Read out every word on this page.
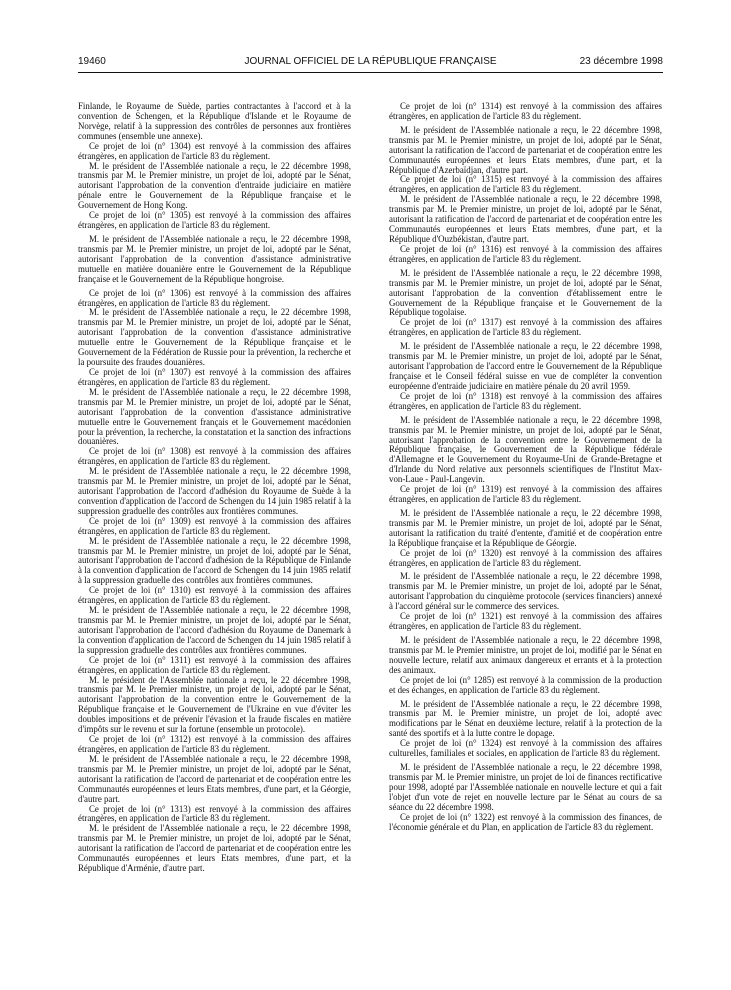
19460	JOURNAL OFFICIEL DE LA RÉPUBLIQUE FRANÇAISE	23 décembre 1998

Finlande, le Royaume de Suède, parties contractantes à l'accord et à la convention de Schengen, et la République d'Islande et le Royaume de Norvège, relatif à la suppression des contrôles de personnes aux frontières communes (ensemble une annexe).

Ce projet de loi (n° 1304) est renvoyé à la commission des affaires étrangères, en application de l'article 83 du règlement.

M. le président de l'Assemblée nationale a reçu, le 22 décembre 1998, transmis par M. le Premier ministre, un projet de loi, adopté par le Sénat, autorisant l'approbation de la convention d'entraide judiciaire en matière pénale entre le Gouvernement de la République française et le Gouvernement de Hong Kong.

Ce projet de loi (n° 1305) est renvoyé à la commission des affaires étrangères, en application de l'article 83 du règlement.

M. le président de l'Assemblée nationale a reçu, le 22 décembre 1998, transmis par M. le Premier ministre, un projet de loi, adopté par le Sénat, autorisant l'approbation de la convention d'assistance administrative mutuelle en matière douanière entre le Gouvernement de la République française et le Gouvernement de la République hongroise.

Ce projet de loi (n° 1306) est renvoyé à la commission des affaires étrangères, en application de l'article 83 du règlement.

M. le président de l'Assemblée nationale a reçu, le 22 décembre 1998, transmis par M. le Premier ministre, un projet de loi, adopté par le Sénat, autorisant l'approbation de la convention d'assistance administrative mutuelle entre le Gouvernement de la République française et le Gouvernement de la Fédération de Russie pour la prévention, la recherche et la poursuite des fraudes douanières.

Ce projet de loi (n° 1307) est renvoyé à la commission des affaires étrangères, en application de l'article 83 du règlement.

M. le président de l'Assemblée nationale a reçu, le 22 décembre 1998, transmis par M. le Premier ministre, un projet de loi, adopté par le Sénat, autorisant l'approbation de la convention d'assistance administrative mutuelle entre le Gouvernement français et le Gouvernement macédonien pour la prévention, la recherche, la constatation et la sanction des infractions douanières.

Ce projet de loi (n° 1308) est renvoyé à la commission des affaires étrangères, en application de l'article 83 du règlement.

M. le président de l'Assemblée nationale a reçu, le 22 décembre 1998, transmis par M. le Premier ministre, un projet de loi, adopté par le Sénat, autorisant l'approbation de l'accord d'adhésion du Royaume de Suède à la convention d'application de l'accord de Schengen du 14 juin 1985 relatif à la suppression graduelle des contrôles aux frontières communes.

Ce projet de loi (n° 1309) est renvoyé à la commission des affaires étrangères, en application de l'article 83 du règlement.

M. le président de l'Assemblée nationale a reçu, le 22 décembre 1998, transmis par M. le Premier ministre, un projet de loi, adopté par le Sénat, autorisant l'approbation de l'accord d'adhésion de la République de Finlande à la convention d'application de l'accord de Schengen du 14 juin 1985 relatif à la suppression graduelle des contrôles aux frontières communes.

Ce projet de loi (n° 1310) est renvoyé à la commission des affaires étrangères, en application de l'article 83 du règlement.

M. le président de l'Assemblée nationale a reçu, le 22 décembre 1998, transmis par M. le Premier ministre, un projet de loi, adopté par le Sénat, autorisant l'approbation de l'accord d'adhésion du Royaume de Danemark à la convention d'application de l'accord de Schengen du 14 juin 1985 relatif à la suppression graduelle des contrôles aux frontières communes.

Ce projet de loi (n° 1311) est renvoyé à la commission des affaires étrangères, en application de l'article 83 du règlement.

M. le président de l'Assemblée nationale a reçu, le 22 décembre 1998, transmis par M. le Premier ministre, un projet de loi, adopté par le Sénat, autorisant l'approbation de la convention entre le Gouvernement de la République française et le Gouvernement de l'Ukraine en vue d'éviter les doubles impositions et de prévenir l'évasion et la fraude fiscales en matière d'impôts sur le revenu et sur la fortune (ensemble un protocole).

Ce projet de loi (n° 1312) est renvoyé à la commission des affaires étrangères, en application de l'article 83 du règlement.

M. le président de l'Assemblée nationale a reçu, le 22 décembre 1998, transmis par M. le Premier ministre, un projet de loi, adopté par le Sénat, autorisant la ratification de l'accord de partenariat et de coopération entre les Communautés européennes et leurs Etats membres, d'une part, et la Géorgie, d'autre part.

Ce projet de loi (n° 1313) est renvoyé à la commission des affaires étrangères, en application de l'article 83 du règlement.

M. le président de l'Assemblée nationale a reçu, le 22 décembre 1998, transmis par M. le Premier ministre, un projet de loi, adopté par le Sénat, autorisant la ratification de l'accord de partenariat et de coopération entre les Communautés européennes et leurs Etats membres, d'une part, et la République d'Arménie, d'autre part.

Ce projet de loi (n° 1314) est renvoyé à la commission des affaires étrangères, en application de l'article 83 du règlement.

M. le président de l'Assemblée nationale a reçu, le 22 décembre 1998, transmis par M. le Premier ministre, un projet de loi, adopté par le Sénat, autorisant la ratification de l'accord de partenariat et de coopération entre les Communautés européennes et leurs Etats membres, d'une part, et la République d'Azerbaïdjan, d'autre part.

Ce projet de loi (n° 1315) est renvoyé à la commission des affaires étrangères, en application de l'article 83 du règlement.

M. le président de l'Assemblée nationale a reçu, le 22 décembre 1998, transmis par M. le Premier ministre, un projet de loi, adopté par le Sénat, autorisant la ratification de l'accord de partenariat et de coopération entre les Communautés européennes et leurs Etats membres, d'une part, et la République d'Ouzbékistan, d'autre part.

Ce projet de loi (n° 1316) est renvoyé à la commission des affaires étrangères, en application de l'article 83 du règlement.

M. le président de l'Assemblée nationale a reçu, le 22 décembre 1998, transmis par M. le Premier ministre, un projet de loi, adopté par le Sénat, autorisant l'approbation de la convention d'établissement entre le Gouvernement de la République française et le Gouvernement de la République togolaise.

Ce projet de loi (n° 1317) est renvoyé à la commission des affaires étrangères, en application de l'article 83 du règlement.

M. le président de l'Assemblée nationale a reçu, le 22 décembre 1998, transmis par M. le Premier ministre, un projet de loi, adopté par le Sénat, autorisant l'approbation de l'accord entre le Gouvernement de la République française et le Conseil fédéral suisse en vue de compléter la convention européenne d'entraide judiciaire en matière pénale du 20 avril 1959.

Ce projet de loi (n° 1318) est renvoyé à la commission des affaires étrangères, en application de l'article 83 du règlement.

M. le président de l'Assemblée nationale a reçu, le 22 décembre 1998, transmis par M. le Premier ministre, un projet de loi, adopté par le Sénat, autorisant l'approbation de la convention entre le Gouvernement de la République française, le Gouvernement de la République fédérale d'Allemagne et le Gouvernement du Royaume-Uni de Grande-Bretagne et d'Irlande du Nord relative aux personnels scientifiques de l'Institut Max-von-Laue - Paul-Langevin.

Ce projet de loi (n° 1319) est renvoyé à la commission des affaires étrangères, en application de l'article 83 du règlement.

M. le président de l'Assemblée nationale a reçu, le 22 décembre 1998, transmis par M. le Premier ministre, un projet de loi, adopté par le Sénat, autorisant la ratification du traité d'entente, d'amitié et de coopération entre la République française et la République de Géorgie.

Ce projet de loi (n° 1320) est renvoyé à la commission des affaires étrangères, en application de l'article 83 du règlement.

M. le président de l'Assemblée nationale a reçu, le 22 décembre 1998, transmis par M. le Premier ministre, un projet de loi, adopté par le Sénat, autorisant l'approbation du cinquième protocole (services financiers) annexé à l'accord général sur le commerce des services.

Ce projet de loi (n° 1321) est renvoyé à la commission des affaires étrangères, en application de l'article 83 du règlement.

M. le président de l'Assemblée nationale a reçu, le 22 décembre 1998, transmis par M. le Premier ministre, un projet de loi, modifié par le Sénat en nouvelle lecture, relatif aux animaux dangereux et errants et à la protection des animaux.

Ce projet de loi (n° 1285) est renvoyé à la commission de la production et des échanges, en application de l'article 83 du règlement.

M. le président de l'Assemblée nationale a reçu, le 22 décembre 1998, transmis par M. le Premier ministre, un projet de loi, adopté avec modifications par le Sénat en deuxième lecture, relatif à la protection de la santé des sportifs et à la lutte contre le dopage.

Ce projet de loi (n° 1324) est renvoyé à la commission des affaires culturelles, familiales et sociales, en application de l'article 83 du règlement.

M. le président de l'Assemblée nationale a reçu, le 22 décembre 1998, transmis par M. le Premier ministre, un projet de loi de finances rectificative pour 1998, adopté par l'Assemblée nationale en nouvelle lecture et qui a fait l'objet d'un vote de rejet en nouvelle lecture par le Sénat au cours de sa séance du 22 décembre 1998.

Ce projet de loi (n° 1322) est renvoyé à la commission des finances, de l'économie générale et du Plan, en application de l'article 83 du règlement.
